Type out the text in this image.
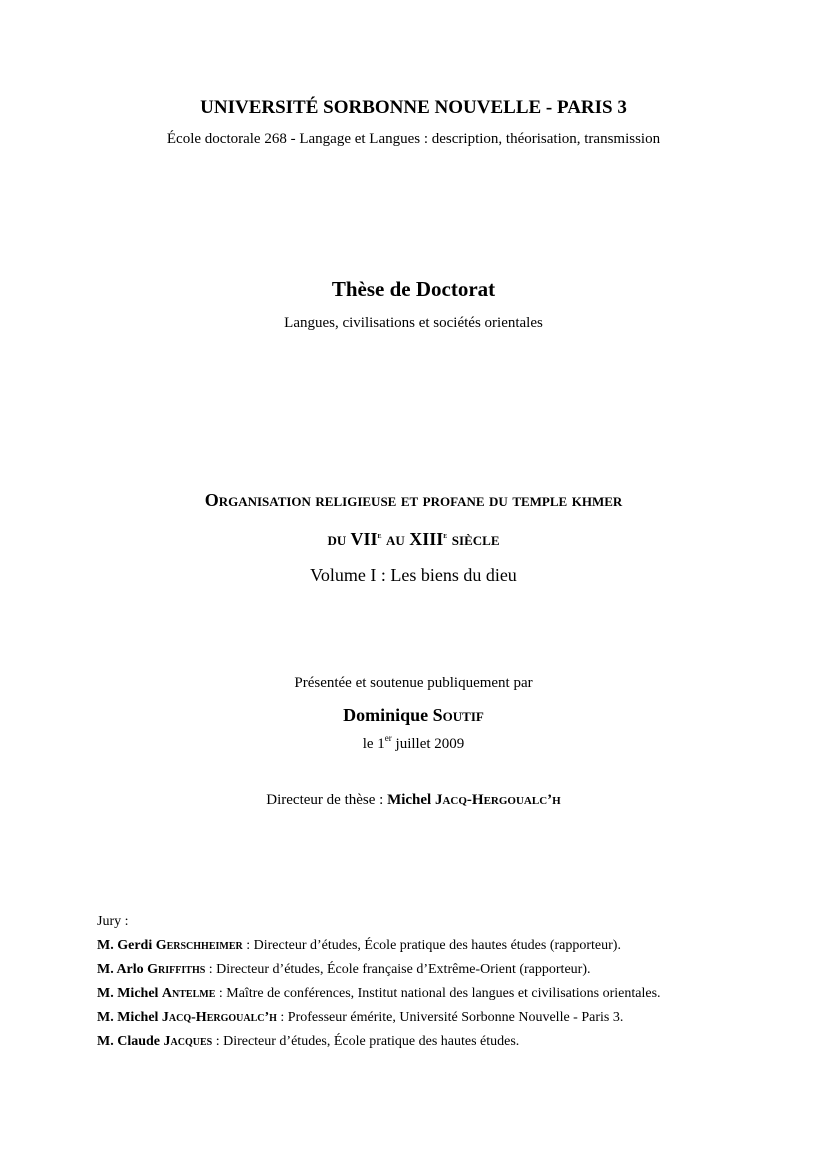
UNIVERSITÉ SORBONNE NOUVELLE - PARIS 3
École doctorale 268 - Langage et Langues : description, théorisation, transmission
Thèse de Doctorat
Langues, civilisations et sociétés orientales
Organisation religieuse et profane du temple khmer
du VIIe au XIIIe siècle
Volume I : Les biens du dieu
Présentée et soutenue publiquement par
Dominique Soutif
le 1er juillet 2009
Directeur de thèse : Michel Jacq-Hergoualc’h
Jury :
M. Gerdi Gerschheimer : Directeur d’études, École pratique des hautes études (rapporteur).
M. Arlo Griffiths : Directeur d’études, École française d’Extrême-Orient (rapporteur).
M. Michel Antelme : Maître de conférences, Institut national des langues et civilisations orientales.
M. Michel Jacq-Hergoualc’h : Professeur émérite, Université Sorbonne Nouvelle - Paris 3.
M. Claude Jacques : Directeur d’études, École pratique des hautes études.
